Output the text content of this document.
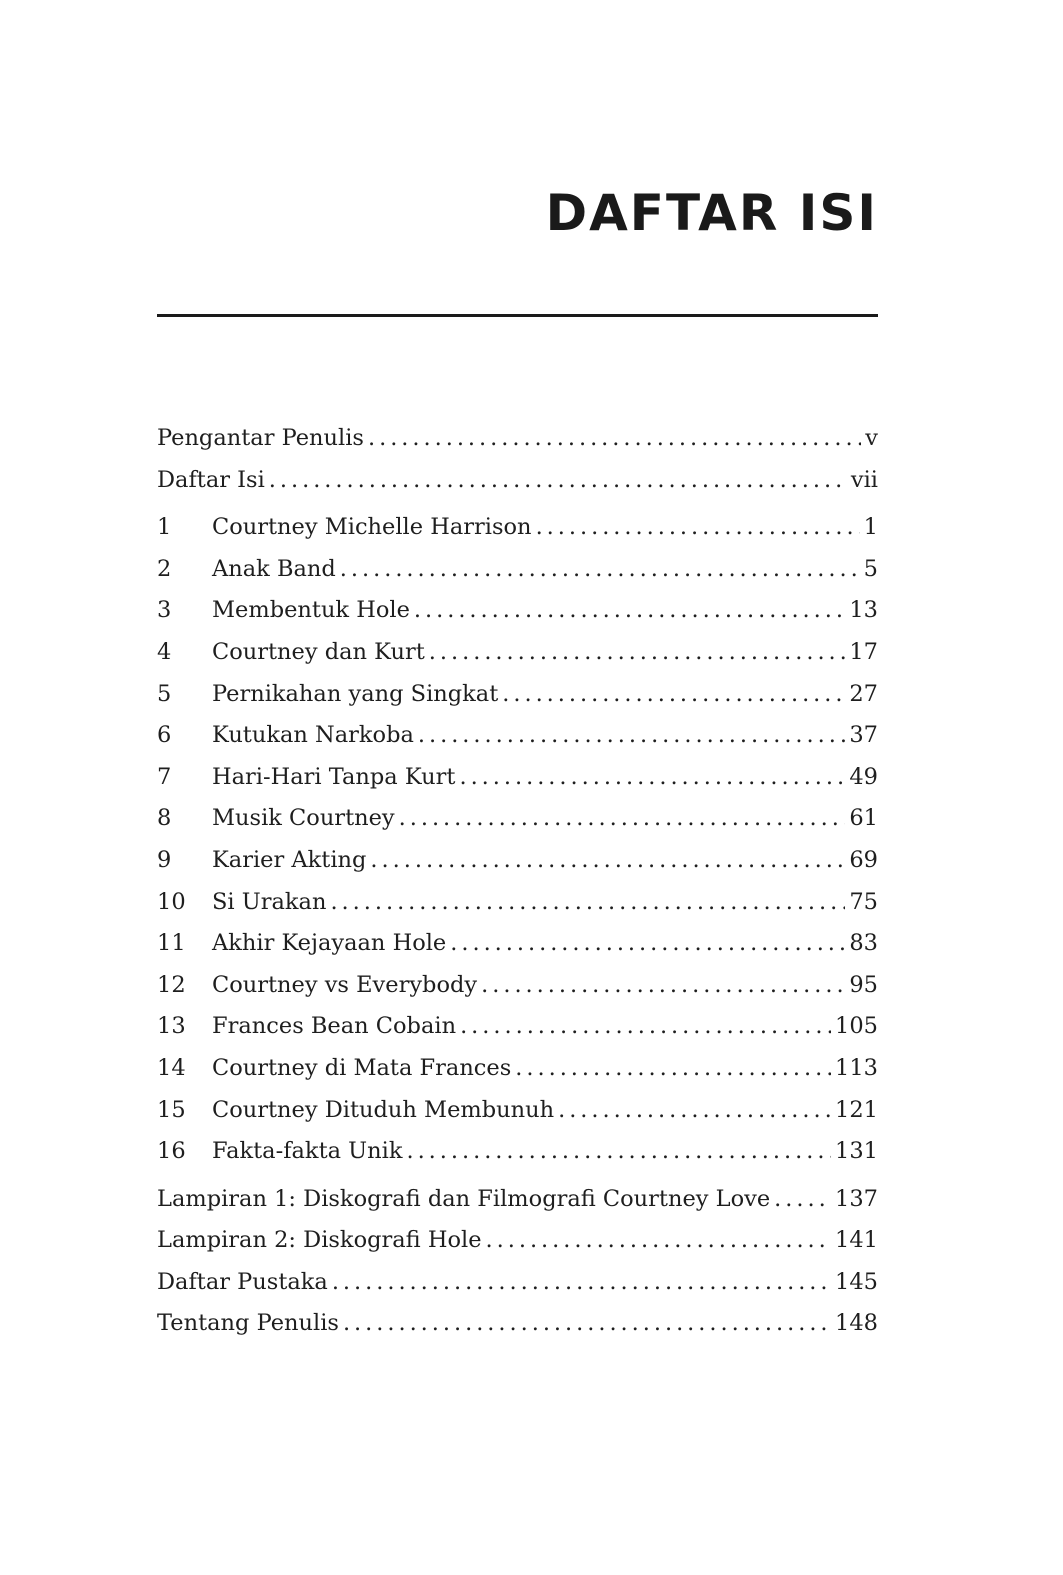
DAFTAR ISI
Pengantar Penulis . . .	v
Daftar Isi . . .	vii
1	Courtney Michelle Harrison . . .	1
2	Anak Band . . .	5
3	Membentuk Hole . . .	13
4	Courtney dan Kurt . . .	17
5	Pernikahan yang Singkat . . .	27
6	Kutukan Narkoba . . .	37
7	Hari-Hari Tanpa Kurt . . .	49
8	Musik Courtney . . .	61
9	Karier Akting . . .	69
10	Si Urakan . . .	75
11	Akhir Kejayaan Hole . . .	83
12	Courtney vs Everybody . . .	95
13	Frances Bean Cobain . . .	105
14	Courtney di Mata Frances . . .	113
15	Courtney Dituduh Membunuh . . .	121
16	Fakta-fakta Unik . . .	131
Lampiran 1: Diskografi dan Filmografi Courtney Love . . .	137
Lampiran 2: Diskografi Hole . . .	141
Daftar Pustaka . . .	145
Tentang Penulis . . .	148
